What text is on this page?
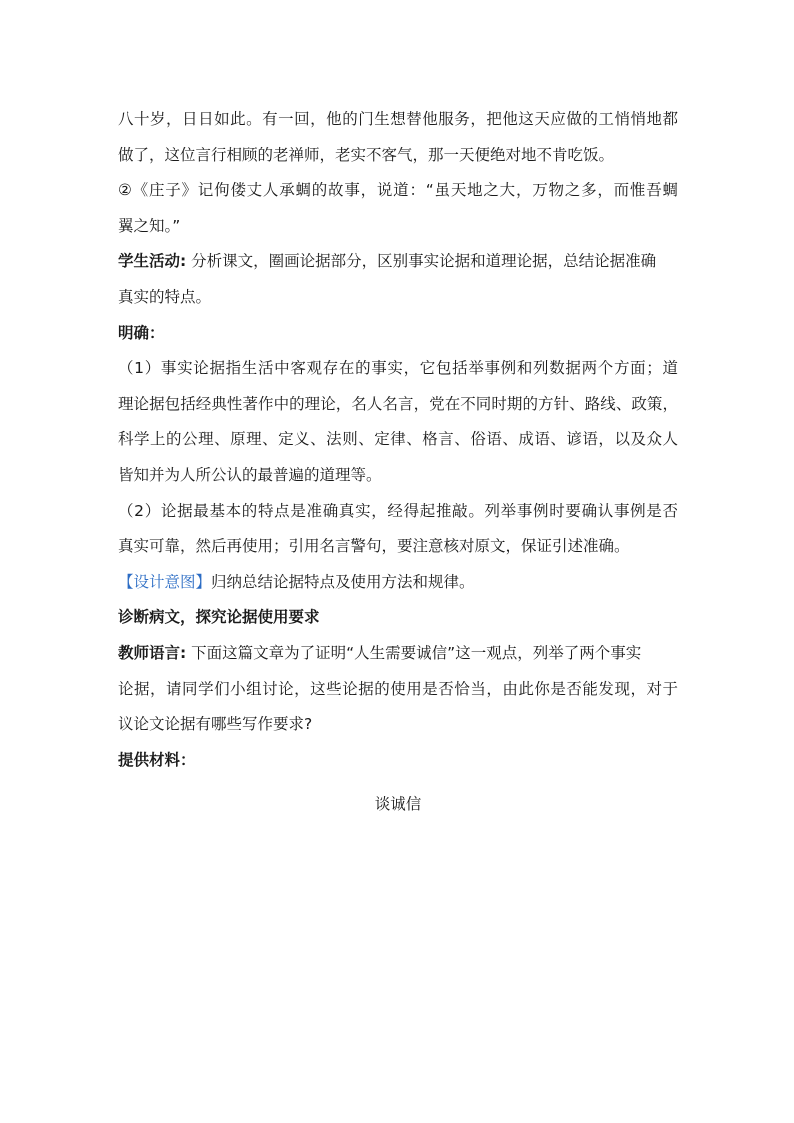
八十岁，日日如此。有一回，他的门生想替他服务，把他这天应做的工悄悄地都
做了，这位言行相顾的老禅师，老实不客气，那一天便绝对地不肯吃饭。
②《庄子》记佝偻丈人承蜩的故事，说道：“虽天地之大，万物之多，而惟吾蜩
翼之知。”
学生活动: 分析课文，圈画论据部分，区别事实论据和道理论据，总结论据准确
真实的特点。
明确：
（1）事实论据指生活中客观存在的事实，它包括举事例和列数据两个方面；道
理论据包括经典性著作中的理论，名人名言，党在不同时期的方针、路线、政策，
科学上的公理、原理、定义、法则、定律、格言、俗语、成语、谚语，以及众人
皆知并为人所公认的最普遍的道理等。
（2）论据最基本的特点是准确真实，经得起推敲。列举事例时要确认事例是否
真实可靠，然后再使用；引用名言警句，要注意核对原文，保证引述准确。
【设计意图】归纳总结论据特点及使用方法和规律。
诊断病文，探究论据使用要求
教师语言: 下面这篇文章为了证明“人生需要诚信”这一观点，列举了两个事实
论据，请同学们小组讨论，这些论据的使用是否恰当，由此你是否能发现，对于
议论文论据有哪些写作要求?
提供材料：
谈诚信
